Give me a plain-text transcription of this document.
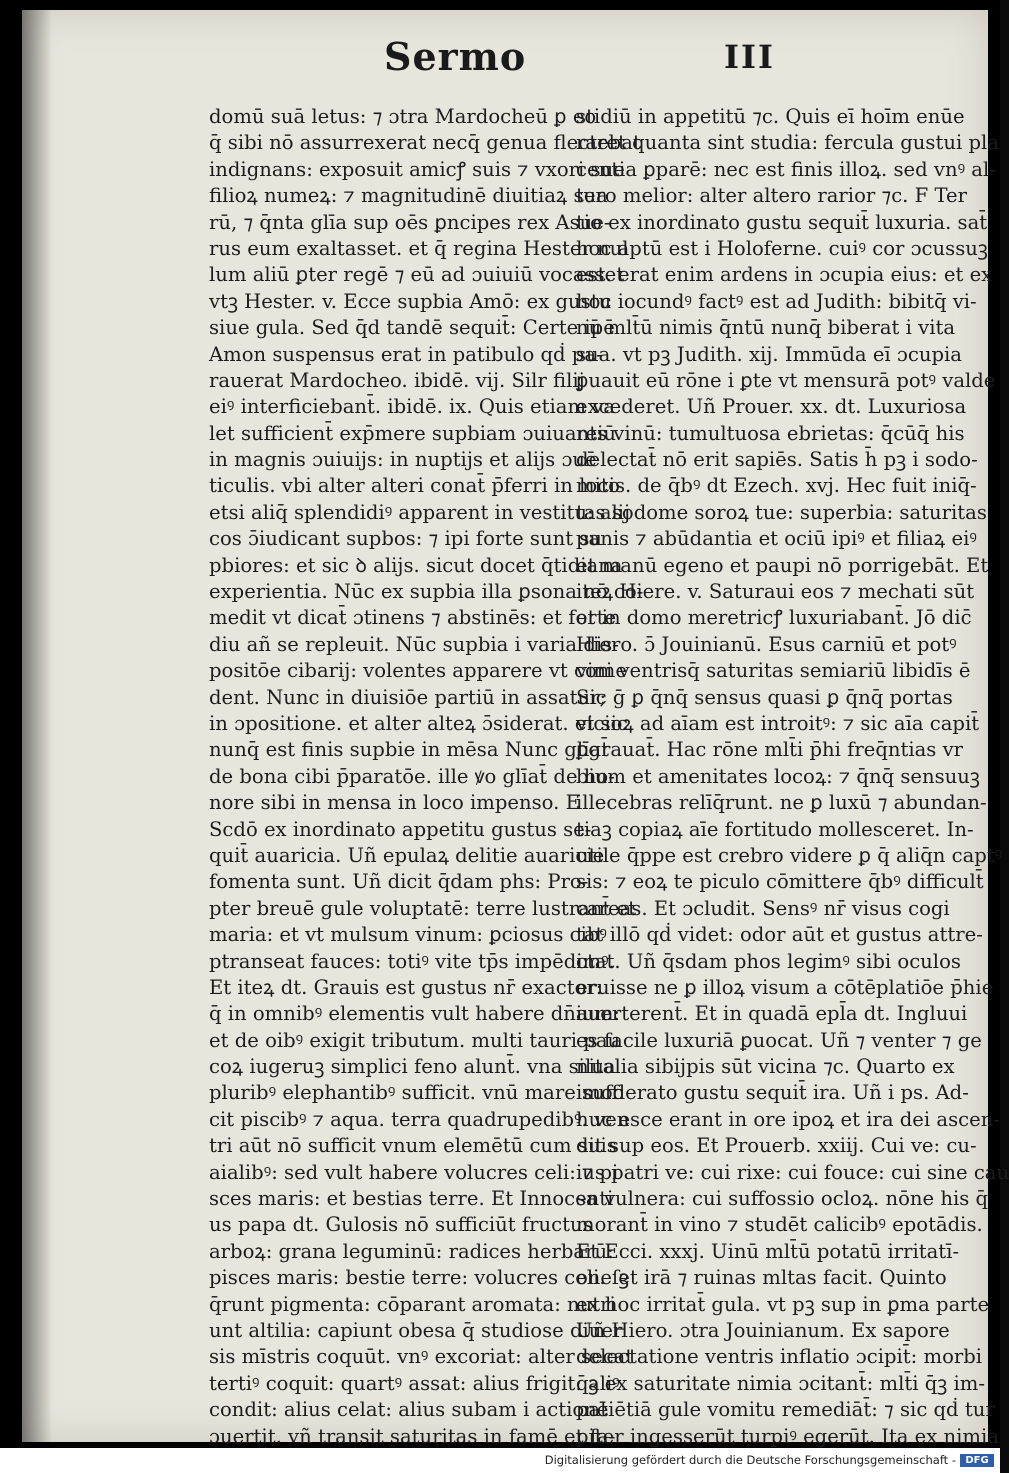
Sermo	III
domū suā letus: ⁊ ɔtra Mardocheū ꝑ eo
q̄ sibi nō assurrexerat necq̄ genua flectebat
indignans: exposuit amicꝭ suis ⁊ vxori sue
filioꝝ numeꝝ: ⁊ magnitudinē diuitiaꝝ sua
rū, ⁊ q̄nta glīa sup oēs ꝑncipes rex Asue-
rus eum exaltasset. et q̄ regina Hester nul
lum aliū ꝑter regē ⁊ eū ad ɔuiuiū vocasset
vtꝫ Hester. v. Ecce supbia Amō: ex gustu
siue gula. Sed q̄d tandē sequit̄: Certe ipē
Amon suspensus erat in patibulo qḋ pa-
rauerat Mardocheo. ibidē. vij. Silr filij
eiꝰ interficiebant̄. ibidē. ix. Quis etiam va
let sufficient̄ exp̄mere supbiam ɔuiuantiū
in magnis ɔuiuijs: in nuptijs et alijs ɔuē
ticulis. vbi alter alteri conat̄ p̄ferri in loco
etsi aliq̄ splendidiꝰ apparent in vestitu: alij
cos ɔ̄iudicant supbos: ⁊ ipi forte sunt su
pbiores: et sic ꝺ alijs. sicut docet q̄tidiana
experientia. Nūc ex supbia illa ꝑsona nō co-
medit vt dicat̄ ɔtinens ⁊ abstinēs: et forte
diu añ se repleuit. Nūc supbia i varia dis-
positōe cibarij: volentes apparere vt come
dent. Nunc in diuisiōe partiū in assatur;
in ɔpositione. et alter alteꝝ ɔ̄siderat. et sic
nunq̄ est finis supbie in mēsa Nunc glīat̄
de bona cibi p̄paratōe. ille ꝟo glīat̄ de ho-
nore sibi in mensa in loco impenso. E
Scdō ex inordinato appetitu gustus se-
quit̄ auaricia. Uñ epulaꝝ delitie auaricie
fomenta sunt. Uñ dicit q̄dam phs: Pro-
pter breuē gule voluptatē: terre lustrant̄ et
maria: et vt mulsum vinum: ꝑciosus cibꝰ
ptranseat fauces: totiꝰ vite tp̄s impēdimꝰ.
Et iteꝝ dt. Grauis est gustus nr̄ exactor:
q̄ in omnibꝰ elementis vult habere dn̄ium:
et de oibꝰ exigit tributum. multi tauri pau
coꝝ iugeruꝫ simplici feno alunt̄. vna silua
pluribꝰ elephantibꝰ sufficit. vnū mare suffi
cit piscibꝰ ⁊ aqua. terra quadrupedibꝰ. ven
tri aūt nō sufficit vnum elemētū cum suis
aialibꝰ: sed vult habere volucres celi: ⁊ pi
sces maris: et bestias terre. Et Innocenti
us papa dt. Gulosis nō sufficiūt fructus
arboꝝ: grana leguminū: radices herbarū:
pisces maris: bestie terre: volucres celi. ſꝫ
q̄runt pigmenta: cōparant aromata: nutri
unt altilia: capiunt obesa q̄ studiose diuer
sis mīstris coquūt. vnꝰ excoriat: alter secat
tertiꝰ coquit: quartꝰ assat: alius frigit: aliꝰ
condit: alius celat: alius subam i actionē
ɔuertit. vñ transit saturitas in famē et fa-
stidiū in appetitū ⁊c. Quis eī hoīm enūe
raret quanta sint studia: fercula gustui pla
centia ꝑparē: nec est finis illoꝝ. sed vnꝰ al-
tero melior: alter altero rarior ⁊c. F Ter
tio ex inordinato gustu sequit̄ luxuria. sat̄
hoc aptū est i Holoferne. cuiꝰ cor ɔcussuꝫ
est. erat enim ardens in ɔcupia eius: et ex
hoc iocundꝰ factꝰ est ad Judith: bibitq̄ vi-
nū mlt̄ū nimis q̄ntū nunq̄ biberat i vita
sua. vt pꝫ Judith. xij. Immūda eī ɔcupia
ꝑuauit eū rōne i ꝑte vt mensurā potꝰ valde
excederet. Uñ Prouer. xx. dt. Luxuriosa
res vinū: tumultuosa ebrietas: q̄cūq̄ his
delectat̄ nō erit sapiēs. Satis h̄ pꝫ i sodo-
mitis. de q̄bꝰ dt Ezech. xvj. Hec fuit iniq̄-
tas sodome soroꝝ tue: superbia: saturitas
panis ⁊ abūdantia et ociū ipiꝰ et filiaꝝ eiꝰ
et manū egeno et paupi nō porrigebāt. Et
iteꝝ Hiere. v. Saturaui eos ⁊ mechati sūt
et in domo meretricꝭ luxuriabant̄. Jō dic̄
Hiero. ɔ̄ Jouinianū. Esus carniū et potꝰ
vini ventrisq̄ saturitas semiariū libidīs ē
Sic ḡ ꝑ q̄nq̄ sensus quasi ꝑ q̄nq̄ portas
vicioꝝ ad aīam est introitꝰ: ⁊ sic aīa capit̄
ꝑgrauat̄. Hac rōne mlt̄i p̄hi freq̄ntias vr
bium et amenitates locoꝝ: ⁊ q̄nq̄ sensuuꝫ
illecebras relīq̄runt. ne ꝑ luxū ⁊ abundan-
tiaꝫ copiaꝝ aīe fortitudo mollesceret. In-
utile q̄ppe est crebro videre ꝑ q̄ aliq̄n captꝰ
sis: ⁊ eoꝝ te piculo cōmittere q̄bꝰ difficult̄
careas. Et ɔcludit. Sensꝰ nr̄ visus cogi
tat illō qḋ videt: odor aūt et gustus attre-
ctat. Uñ q̄sdam phos legimꝰ sibi oculos
eruisse ne ꝑ illoꝝ visum a cōtēplatiōe p̄hie
auerterent̄. Et in quadā epl̄a dt. Ingluui
es facile luxuriā ꝑuocat. Uñ ⁊ venter ⁊ ge
nitalia sibijpis sūt vicina ⁊c. Quarto ex
imoderato gustu sequit̄ ira. Uñ i ps. Ad-
huc esce erant in ore ipoꝝ et ira dei ascen-
dit sup eos. Et Prouerb. xxiij. Cui ve: cu-
ius patri ve: cui rixe: cui fouce: cui sine cau
sa vulnera: cui suffossio ocloꝝ. nōne his q̄
morant̄ in vino ⁊ studēt calicibꝰ epotādis.
Et Ecci. xxxj. Uinū mlt̄ū potatū irritatī-
one et irā ⁊ ruinas mltas facit. Quinto
ex hoc irritat̄ gula. vt pꝫ sup in ꝑma parte
Uñ Hiero. ɔtra Jouinianum. Ex sapore
delectatione ventris inflatio ɔcipit̄: morbi
q̄ꝫ ex saturitate nimia ɔcitant̄: mlt̄i q̄ꝫ im-
patiētiā gule vomitu remediāt̄: ⁊ sic qḋ tur
piter ingesserūt turpiꝰ egerūt. Ita ex nimia
Digitalisierung gefördert durch die Deutsche Forschungsgemeinschaft - DFG
